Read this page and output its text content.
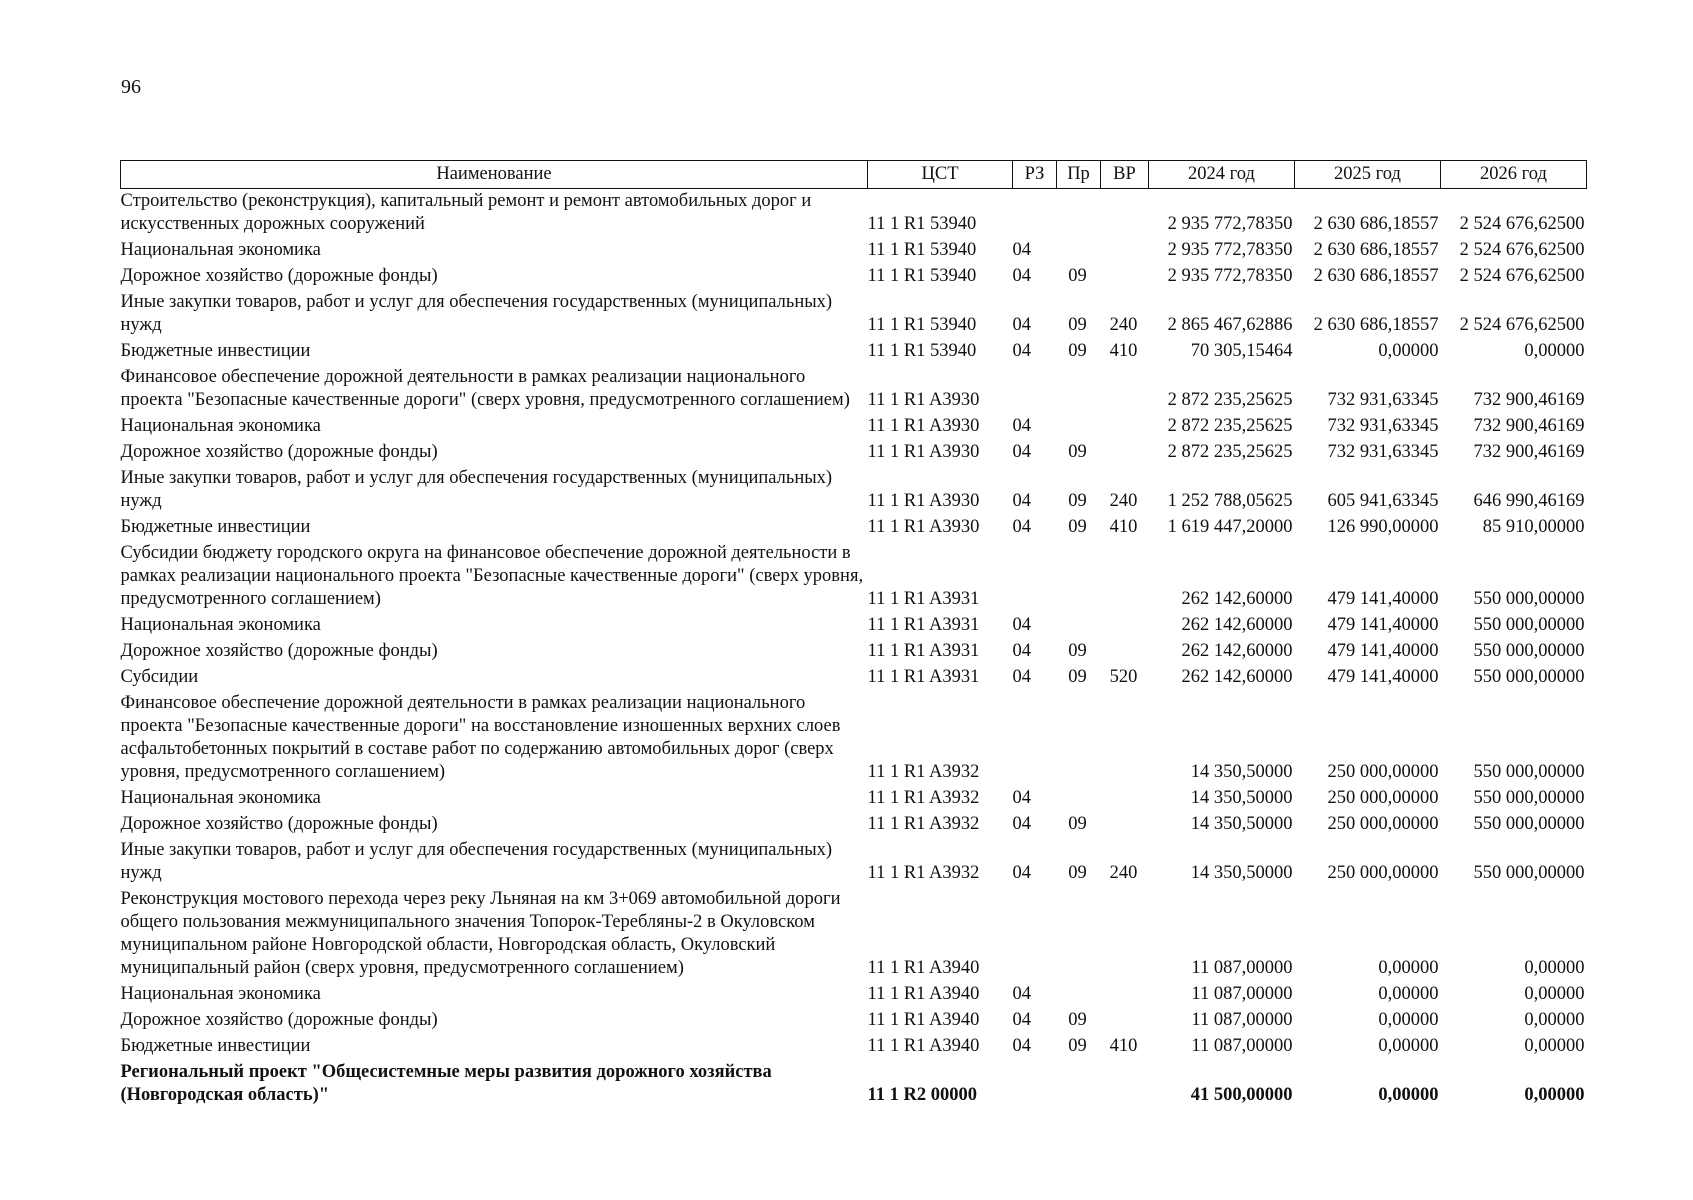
96
Наименование	ЦСТ	РЗ	Пр	ВР	2024 год	2025 год	2026 год
Строительство (реконструкция), капитальный ремонт и ремонт автомобильных дорог и искусственных дорожных сооружений	11 1 R1 53940				2 935 772,78350	2 630 686,18557	2 524 676,62500
Национальная экономика	11 1 R1 53940	04			2 935 772,78350	2 630 686,18557	2 524 676,62500
Дорожное хозяйство (дорожные фонды)	11 1 R1 53940	04	09		2 935 772,78350	2 630 686,18557	2 524 676,62500
Иные закупки товаров, работ и услуг для обеспечения государственных (муниципальных) нужд	11 1 R1 53940	04	09	240	2 865 467,62886	2 630 686,18557	2 524 676,62500
Бюджетные инвестиции	11 1 R1 53940	04	09	410	70 305,15464	0,00000	0,00000
Финансовое обеспечение дорожной деятельности в рамках реализации национального проекта "Безопасные качественные дороги" (сверх уровня, предусмотренного соглашением)	11 1 R1 A3930				2 872 235,25625	732 931,63345	732 900,46169
Национальная экономика	11 1 R1 A3930	04			2 872 235,25625	732 931,63345	732 900,46169
Дорожное хозяйство (дорожные фонды)	11 1 R1 A3930	04	09		2 872 235,25625	732 931,63345	732 900,46169
Иные закупки товаров, работ и услуг для обеспечения государственных (муниципальных) нужд	11 1 R1 A3930	04	09	240	1 252 788,05625	605 941,63345	646 990,46169
Бюджетные инвестиции	11 1 R1 A3930	04	09	410	1 619 447,20000	126 990,00000	85 910,00000
Субсидии бюджету городского округа на финансовое обеспечение дорожной деятельности в рамках реализации национального проекта "Безопасные качественные дороги" (сверх уровня, предусмотренного соглашением)	11 1 R1 A3931				262 142,60000	479 141,40000	550 000,00000
Национальная экономика	11 1 R1 A3931	04			262 142,60000	479 141,40000	550 000,00000
Дорожное хозяйство (дорожные фонды)	11 1 R1 A3931	04	09		262 142,60000	479 141,40000	550 000,00000
Субсидии	11 1 R1 A3931	04	09	520	262 142,60000	479 141,40000	550 000,00000
Финансовое обеспечение дорожной деятельности в рамках реализации национального проекта "Безопасные качественные дороги" на восстановление изношенных верхних слоев асфальтобетонных покрытий в составе работ по содержанию автомобильных дорог (сверх уровня, предусмотренного соглашением)	11 1 R1 A3932				14 350,50000	250 000,00000	550 000,00000
Национальная экономика	11 1 R1 A3932	04			14 350,50000	250 000,00000	550 000,00000
Дорожное хозяйство (дорожные фонды)	11 1 R1 A3932	04	09		14 350,50000	250 000,00000	550 000,00000
Иные закупки товаров, работ и услуг для обеспечения государственных (муниципальных) нужд	11 1 R1 A3932	04	09	240	14 350,50000	250 000,00000	550 000,00000
Реконструкция мостового перехода через реку Льняная на км 3+069 автомобильной дороги общего пользования межмуниципального значения Топорок-Теребляны-2 в Окуловском муниципальном районе Новгородской области, Новгородская область, Окуловский муниципальный район (сверх уровня, предусмотренного соглашением)	11 1 R1 A3940				11 087,00000	0,00000	0,00000
Национальная экономика	11 1 R1 A3940	04			11 087,00000	0,00000	0,00000
Дорожное хозяйство (дорожные фонды)	11 1 R1 A3940	04	09		11 087,00000	0,00000	0,00000
Бюджетные инвестиции	11 1 R1 A3940	04	09	410	11 087,00000	0,00000	0,00000
Региональный проект "Общесистемные меры развития дорожного хозяйства (Новгородская область)"	11 1 R2 00000				41 500,00000	0,00000	0,00000
